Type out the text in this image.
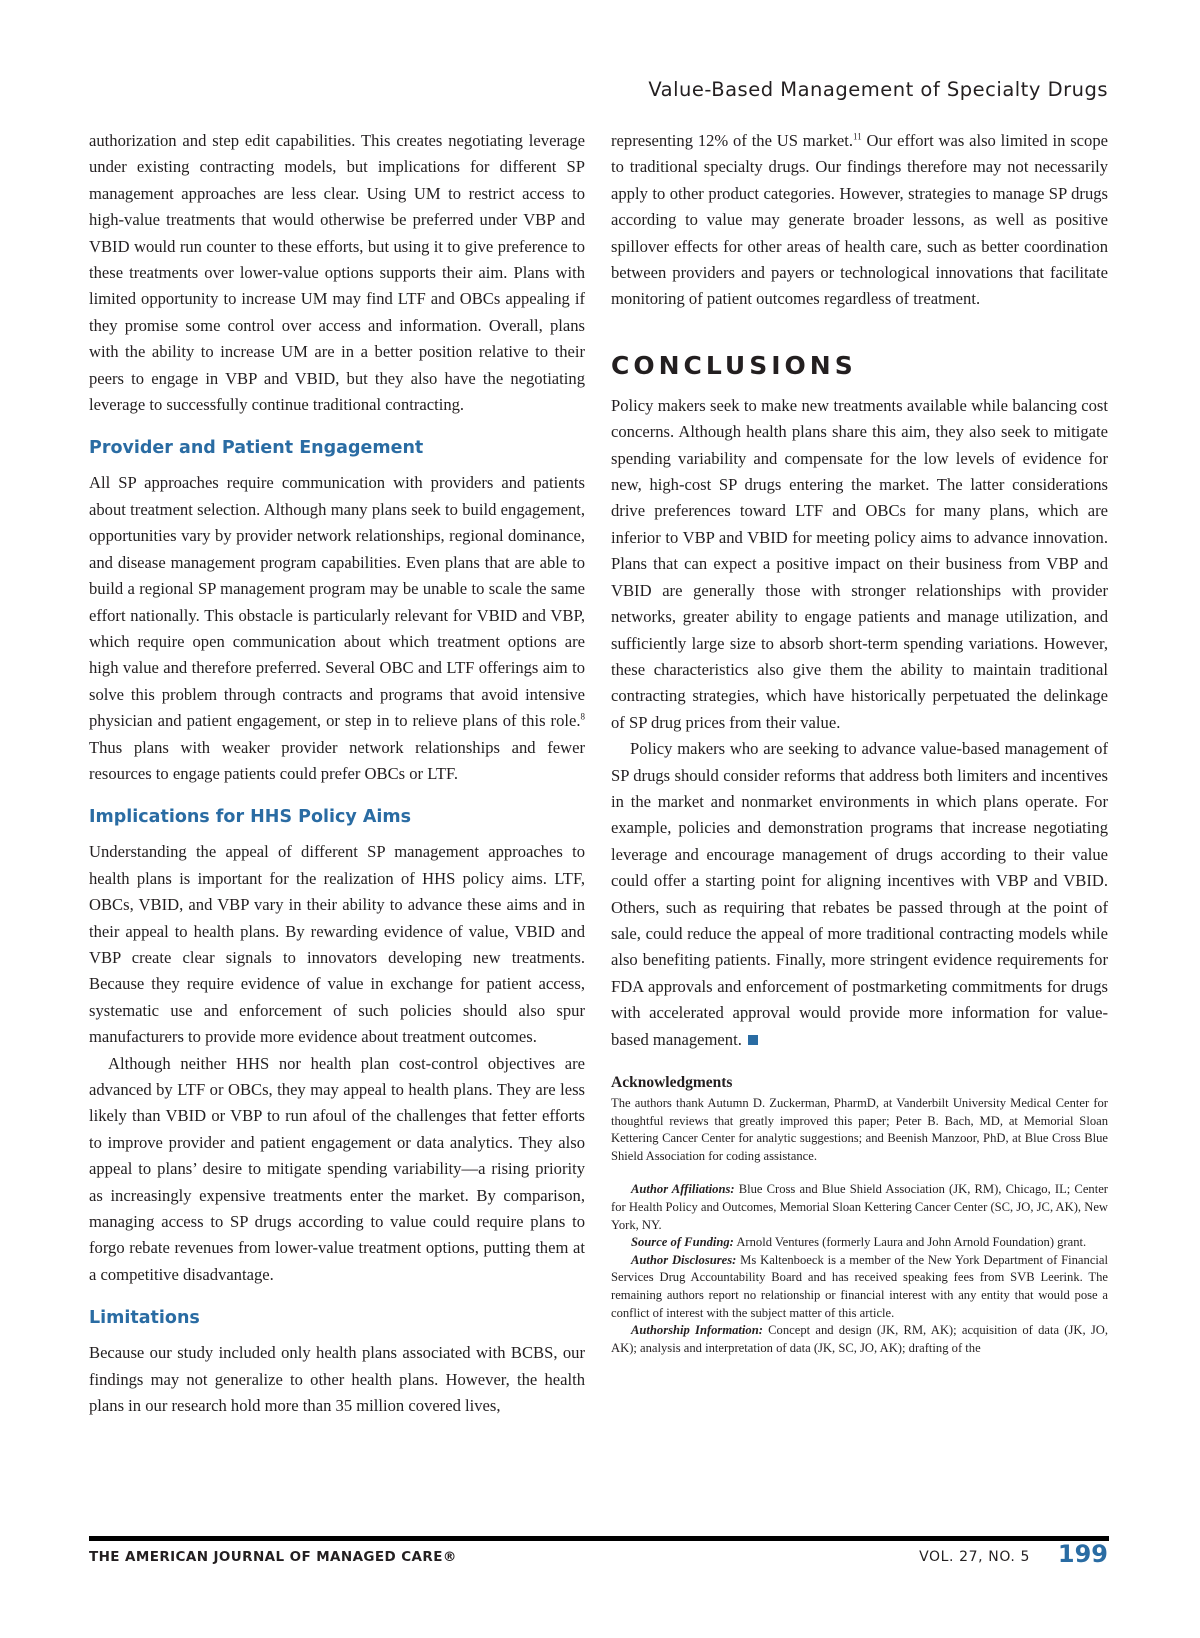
Value-Based Management of Specialty Drugs

authorization and step edit capabilities. This creates negotiating leverage under existing contracting models, but implications for different SP management approaches are less clear. Using UM to restrict access to high-value treatments that would otherwise be preferred under VBP and VBID would run counter to these efforts, but using it to give preference to these treatments over lower-value options supports their aim. Plans with limited opportunity to increase UM may find LTF and OBCs appealing if they promise some control over access and information. Overall, plans with the ability to increase UM are in a better position relative to their peers to engage in VBP and VBID, but they also have the negotiating leverage to successfully continue traditional contracting.

Provider and Patient Engagement

All SP approaches require communication with providers and patients about treatment selection. Although many plans seek to build engagement, opportunities vary by provider network relationships, regional dominance, and disease management program capabilities. Even plans that are able to build a regional SP management program may be unable to scale the same effort nationally. This obstacle is particularly relevant for VBID and VBP, which require open communication about which treatment options are high value and therefore preferred. Several OBC and LTF offerings aim to solve this problem through contracts and programs that avoid intensive physician and patient engagement, or step in to relieve plans of this role.$^8$ Thus plans with weaker provider network relationships and fewer resources to engage patients could prefer OBCs or LTF.

Implications for HHS Policy Aims

Understanding the appeal of different SP management approaches to health plans is important for the realization of HHS policy aims. LTF, OBCs, VBID, and VBP vary in their ability to advance these aims and in their appeal to health plans. By rewarding evidence of value, VBID and VBP create clear signals to innovators developing new treatments. Because they require evidence of value in exchange for patient access, systematic use and enforcement of such policies should also spur manufacturers to provide more evidence about treatment outcomes.

Although neither HHS nor health plan cost-control objectives are advanced by LTF or OBCs, they may appeal to health plans. They are less likely than VBID or VBP to run afoul of the challenges that fetter efforts to improve provider and patient engagement or data analytics. They also appeal to plans’ desire to mitigate spending variability—a rising priority as increasingly expensive treatments enter the market. By comparison, managing access to SP drugs according to value could require plans to forgo rebate revenues from lower-value treatment options, putting them at a competitive disadvantage.

Limitations

Because our study included only health plans associated with BCBS, our findings may not generalize to other health plans. However, the health plans in our research hold more than 35 million covered lives,

representing 12% of the US market.$^{11}$ Our effort was also limited in scope to traditional specialty drugs. Our findings therefore may not necessarily apply to other product categories. However, strategies to manage SP drugs according to value may generate broader lessons, as well as positive spillover effects for other areas of health care, such as better coordination between providers and payers or technological innovations that facilitate monitoring of patient outcomes regardless of treatment.

CONCLUSIONS

Policy makers seek to make new treatments available while balancing cost concerns. Although health plans share this aim, they also seek to mitigate spending variability and compensate for the low levels of evidence for new, high-cost SP drugs entering the market. The latter considerations drive preferences toward LTF and OBCs for many plans, which are inferior to VBP and VBID for meeting policy aims to advance innovation. Plans that can expect a positive impact on their business from VBP and VBID are generally those with stronger relationships with provider networks, greater ability to engage patients and manage utilization, and sufficiently large size to absorb short-term spending variations. However, these characteristics also give them the ability to maintain traditional contracting strategies, which have historically perpetuated the delinkage of SP drug prices from their value.

Policy makers who are seeking to advance value-based management of SP drugs should consider reforms that address both limiters and incentives in the market and nonmarket environments in which plans operate. For example, policies and demonstration programs that increase negotiating leverage and encourage management of drugs according to their value could offer a starting point for aligning incentives with VBP and VBID. Others, such as requiring that rebates be passed through at the point of sale, could reduce the appeal of more traditional contracting models while also benefiting patients. Finally, more stringent evidence requirements for FDA approvals and enforcement of postmarketing commitments for drugs with accelerated approval would provide more information for value-based management.

Acknowledgments

The authors thank Autumn D. Zuckerman, PharmD, at Vanderbilt University Medical Center for thoughtful reviews that greatly improved this paper; Peter B. Bach, MD, at Memorial Sloan Kettering Cancer Center for analytic suggestions; and Beenish Manzoor, PhD, at Blue Cross Blue Shield Association for coding assistance.

Author Affiliations: Blue Cross and Blue Shield Association (JK, RM), Chicago, IL; Center for Health Policy and Outcomes, Memorial Sloan Kettering Cancer Center (SC, JO, JC, AK), New York, NY.

Source of Funding: Arnold Ventures (formerly Laura and John Arnold Foundation) grant.

Author Disclosures: Ms Kaltenboeck is a member of the New York Department of Financial Services Drug Accountability Board and has received speaking fees from SVB Leerink. The remaining authors report no relationship or financial interest with any entity that would pose a conflict of interest with the subject matter of this article.

Authorship Information: Concept and design (JK, RM, AK); acquisition of data (JK, JO, AK); analysis and interpretation of data (JK, SC, JO, AK); drafting of the

THE AMERICAN JOURNAL OF MANAGED CARE®	VOL. 27, NO. 5 199
